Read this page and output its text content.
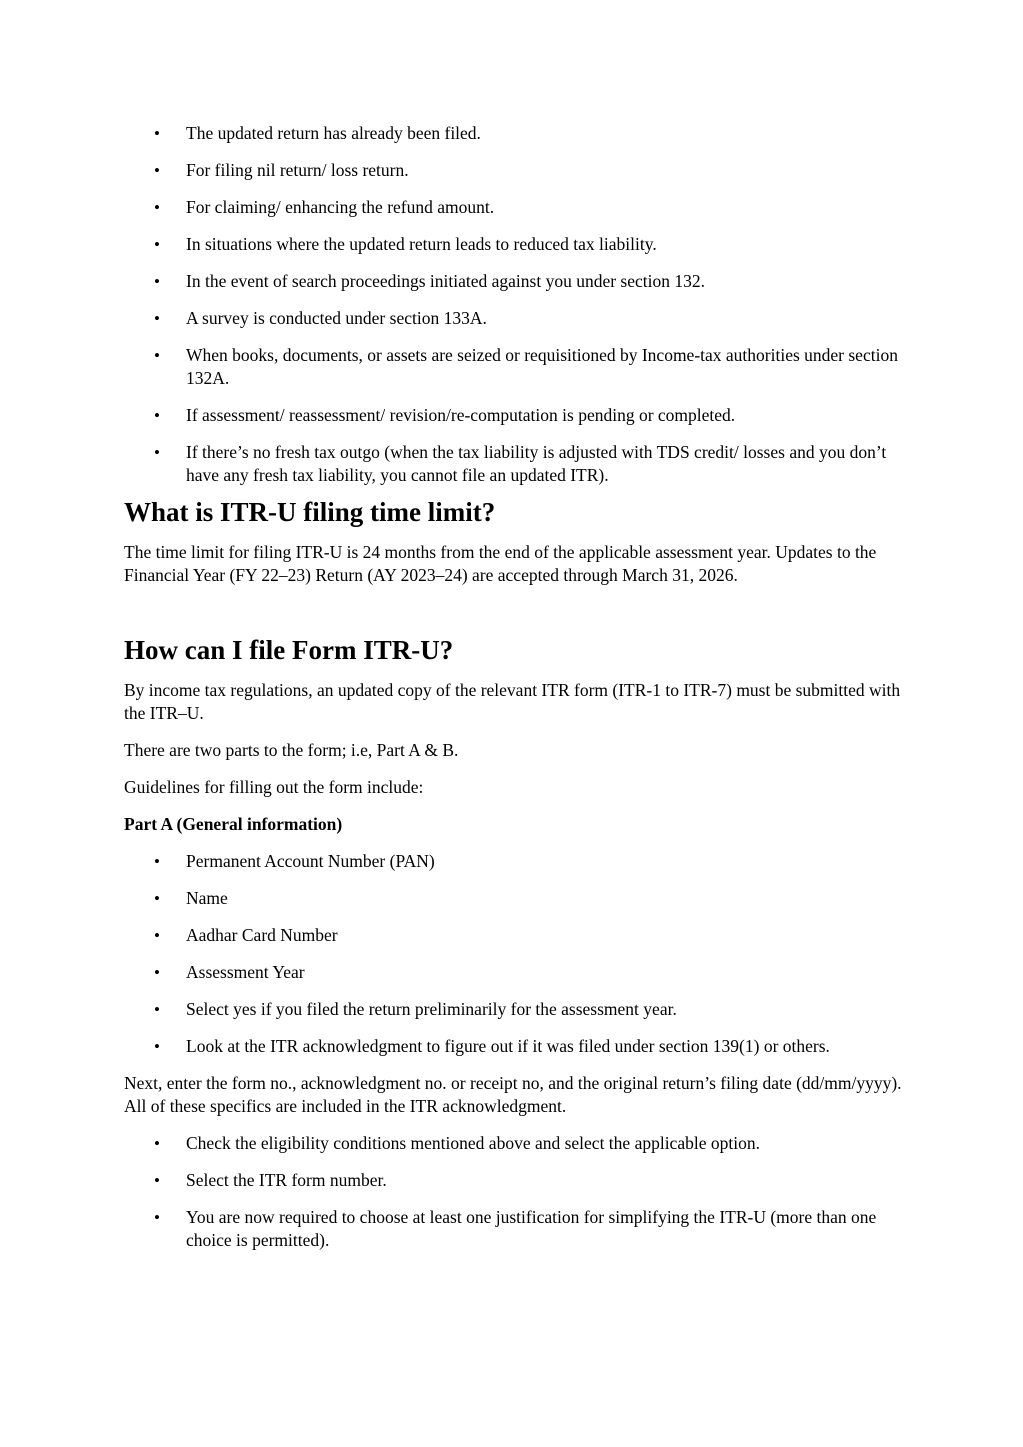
• The updated return has already been filed.
• For filing nil return/ loss return.
• For claiming/ enhancing the refund amount.
• In situations where the updated return leads to reduced tax liability.
• In the event of search proceedings initiated against you under section 132.
• A survey is conducted under section 133A.
• When books, documents, or assets are seized or requisitioned by Income-tax authorities under section 132A.
• If assessment/ reassessment/ revision/re-computation is pending or completed.
• If there’s no fresh tax outgo (when the tax liability is adjusted with TDS credit/ losses and you don’t have any fresh tax liability, you cannot file an updated ITR).
What is ITR-U filing time limit?

The time limit for filing ITR-U is 24 months from the end of the applicable assessment year. Updates to the Financial Year (FY 22–23) Return (AY 2023–24) are accepted through March 31, 2026.

How can I file Form ITR-U?

By income tax regulations, an updated copy of the relevant ITR form (ITR-1 to ITR-7) must be submitted with the ITR–U.

There are two parts to the form; i.e, Part A & B.

Guidelines for filling out the form include:

Part A (General information)

• Permanent Account Number (PAN)
• Name
• Aadhar Card Number
• Assessment Year
• Select yes if you filed the return preliminarily for the assessment year.
• Look at the ITR acknowledgment to figure out if it was filed under section 139(1) or others.

Next, enter the form no., acknowledgment no. or receipt no, and the original return’s filing date (dd/mm/yyyy). All of these specifics are included in the ITR acknowledgment.

• Check the eligibility conditions mentioned above and select the applicable option.
• Select the ITR form number.
• You are now required to choose at least one justification for simplifying the ITR-U (more than one choice is permitted).
